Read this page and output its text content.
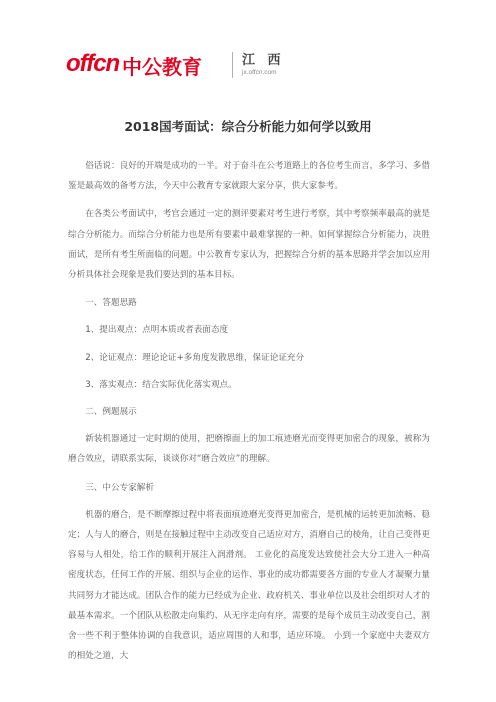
offcn 中公教育	江 西
jx.offcn.com
2018国考面试：综合分析能力如何学以致用

俗话说：良好的开端是成功的一半。对于奋斗在公考道路上的各位考生而言，多学习、多借鉴是最高效的备考方法，今天中公教育专家就跟大家分享，供大家参考。

在各类公考面试中，考官会通过一定的测评要素对考生进行考察，其中考察频率最高的就是综合分析能力。而综合分析能力也是所有要素中最难掌握的一种。如何掌握综合分析能力，决胜面试，是所有考生所面临的问题。中公教育专家认为，把握综合分析的基本思路并学会加以应用分析具体社会现象是我们要达到的基本目标。

一、答题思路

1、提出观点：点明本质或者表面态度

2、论证观点：理论论证+多角度发散思维，保证论证充分

3、落实观点：结合实际优化落实观点。

二、例题展示

新装机器通过一定时期的使用，把磨擦面上的加工痕迹磨光而变得更加密合的现象，被称为磨合效应，请联系实际，谈谈你对“磨合效应”的理解。

三、中公专家解析

机器的磨合，是不断摩擦过程中将表面痕迹磨光变得更加密合，是机械的运转更加流畅、稳定；人与人的磨合，则是在接触过程中主动改变自己适应对方，消磨自己的棱角，让自己变得更容易与人相处，给工作的顺利开展注入润滑剂。 工业化的高度发达致使社会大分工进入一种高密度状态，任何工作的开展、组织与企业的运作、事业的成功都需要各方面的专业人才凝聚力量共同努力才能达成。团队合作的能力已经成为企业、政府机关、事业单位以及社会组织对人才的最基本需求。一个团队从松散走向集约、从无序走向有序，需要的是每个成员主动改变自己，割舍一些不利于整体协调的自我意识，适应周围的人和事，适应环境。 小到一个家庭中夫妻双方的相处之道，大
